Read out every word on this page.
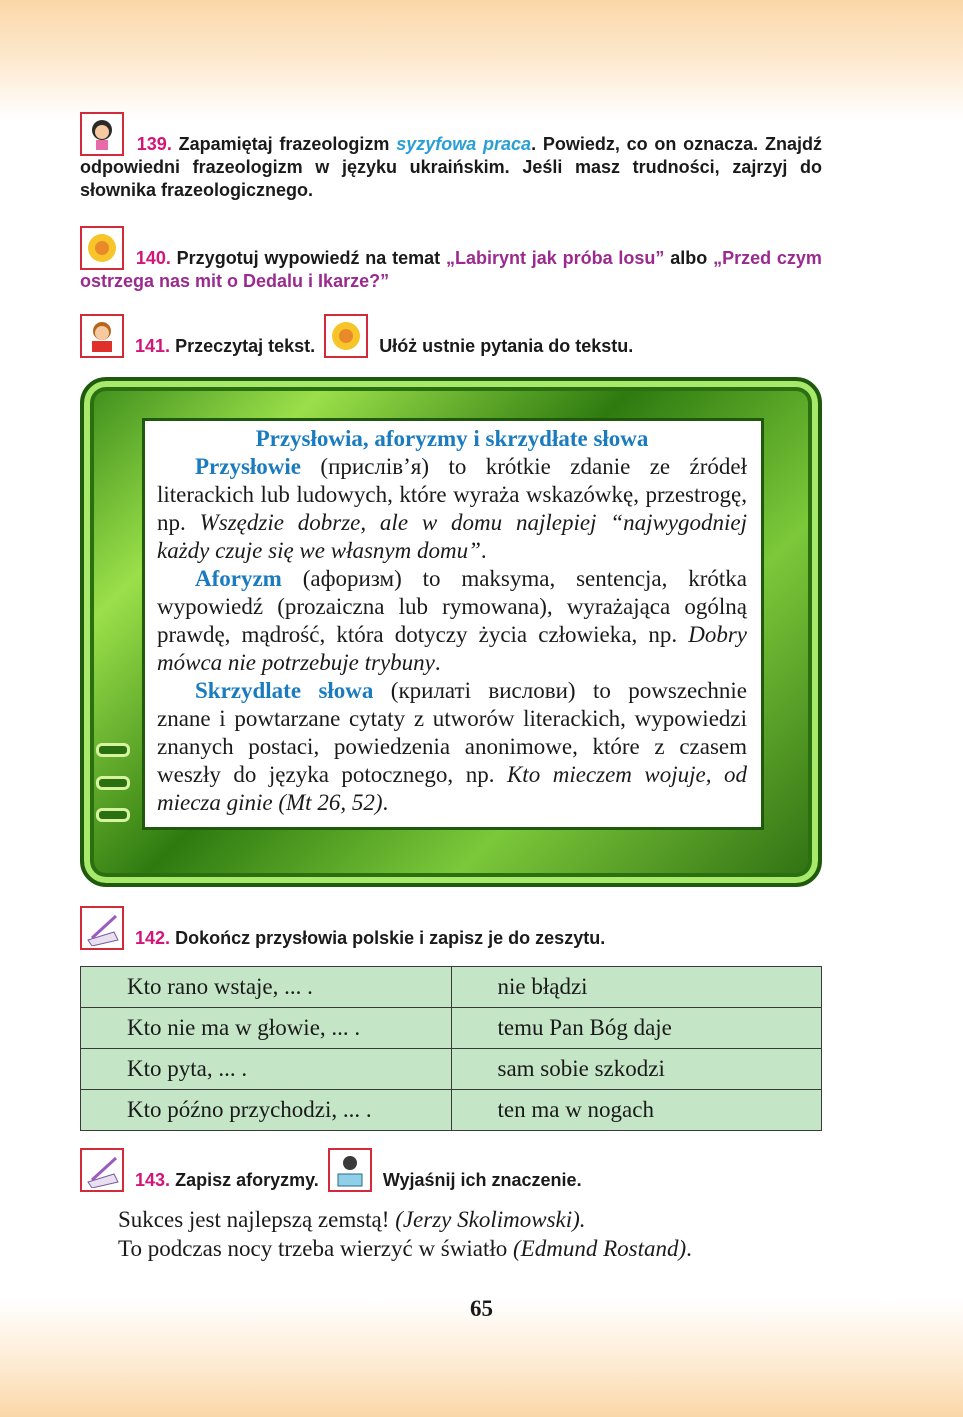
139. Zapamiętaj frazeologizm syzyfowa praca. Powiedz, co on oznacza. Znajdź odpowiedni frazeologizm w języku ukraińskim. Jeśli masz trudności, zajrzyj do słownika frazeologicznego.
140. Przygotuj wypowiedź na temat „Labirynt jak próba losu” albo „Przed czym ostrzega nas mit o Dedalu i Ikarze?”
141. Przeczytaj tekst.	Ułóż ustnie pytania do tekstu.
Przysłowia, aforyzmy i skrzydłate słowa

Przysłowie (прислів’я) to krótkie zdanie ze źródeł literackich lub ludowych, które wyraża wskazówkę, przestrogę, np. Wszędzie dobrze, ale w domu najlepiej “najwygodniej każdy czuje się we własnym domu”.

Aforyzm (афоризм) to maksyma, sentencja, krótka wypowiedź (prozaiczna lub rymowana), wyrażająca ogólną prawdę, mądrość, która dotyczy życia człowieka, np. Dobry mówca nie potrzebuje trybuny.

Skrzydlate słowa (крилаті вислови) to powszechnie znane i powtarzane cytaty z utworów literackich, wypowiedzi znanych postaci, powiedzenia anonimowe, które z czasem weszły do języka potocznego, np. Kto mieczem wojuje, od miecza ginie (Mt 26, 52).

142. Dokończ przysłowia polskie i zapisz je do zeszytu.
Kto rano wstaje, ... .	nie błądzi
Kto nie ma w głowie, ... .	temu Pan Bóg daje
Kto pyta, ... .	sam sobie szkodzi
Kto późno przychodzi, ... .	ten ma w nogach
143. Zapisz aforyzmy.	Wyjaśnij ich znaczenie.
Sukces jest najlepszą zemstą! (Jerzy Skolimowski).
To podczas nocy trzeba wierzyć w światło (Edmund Rostand).
65
